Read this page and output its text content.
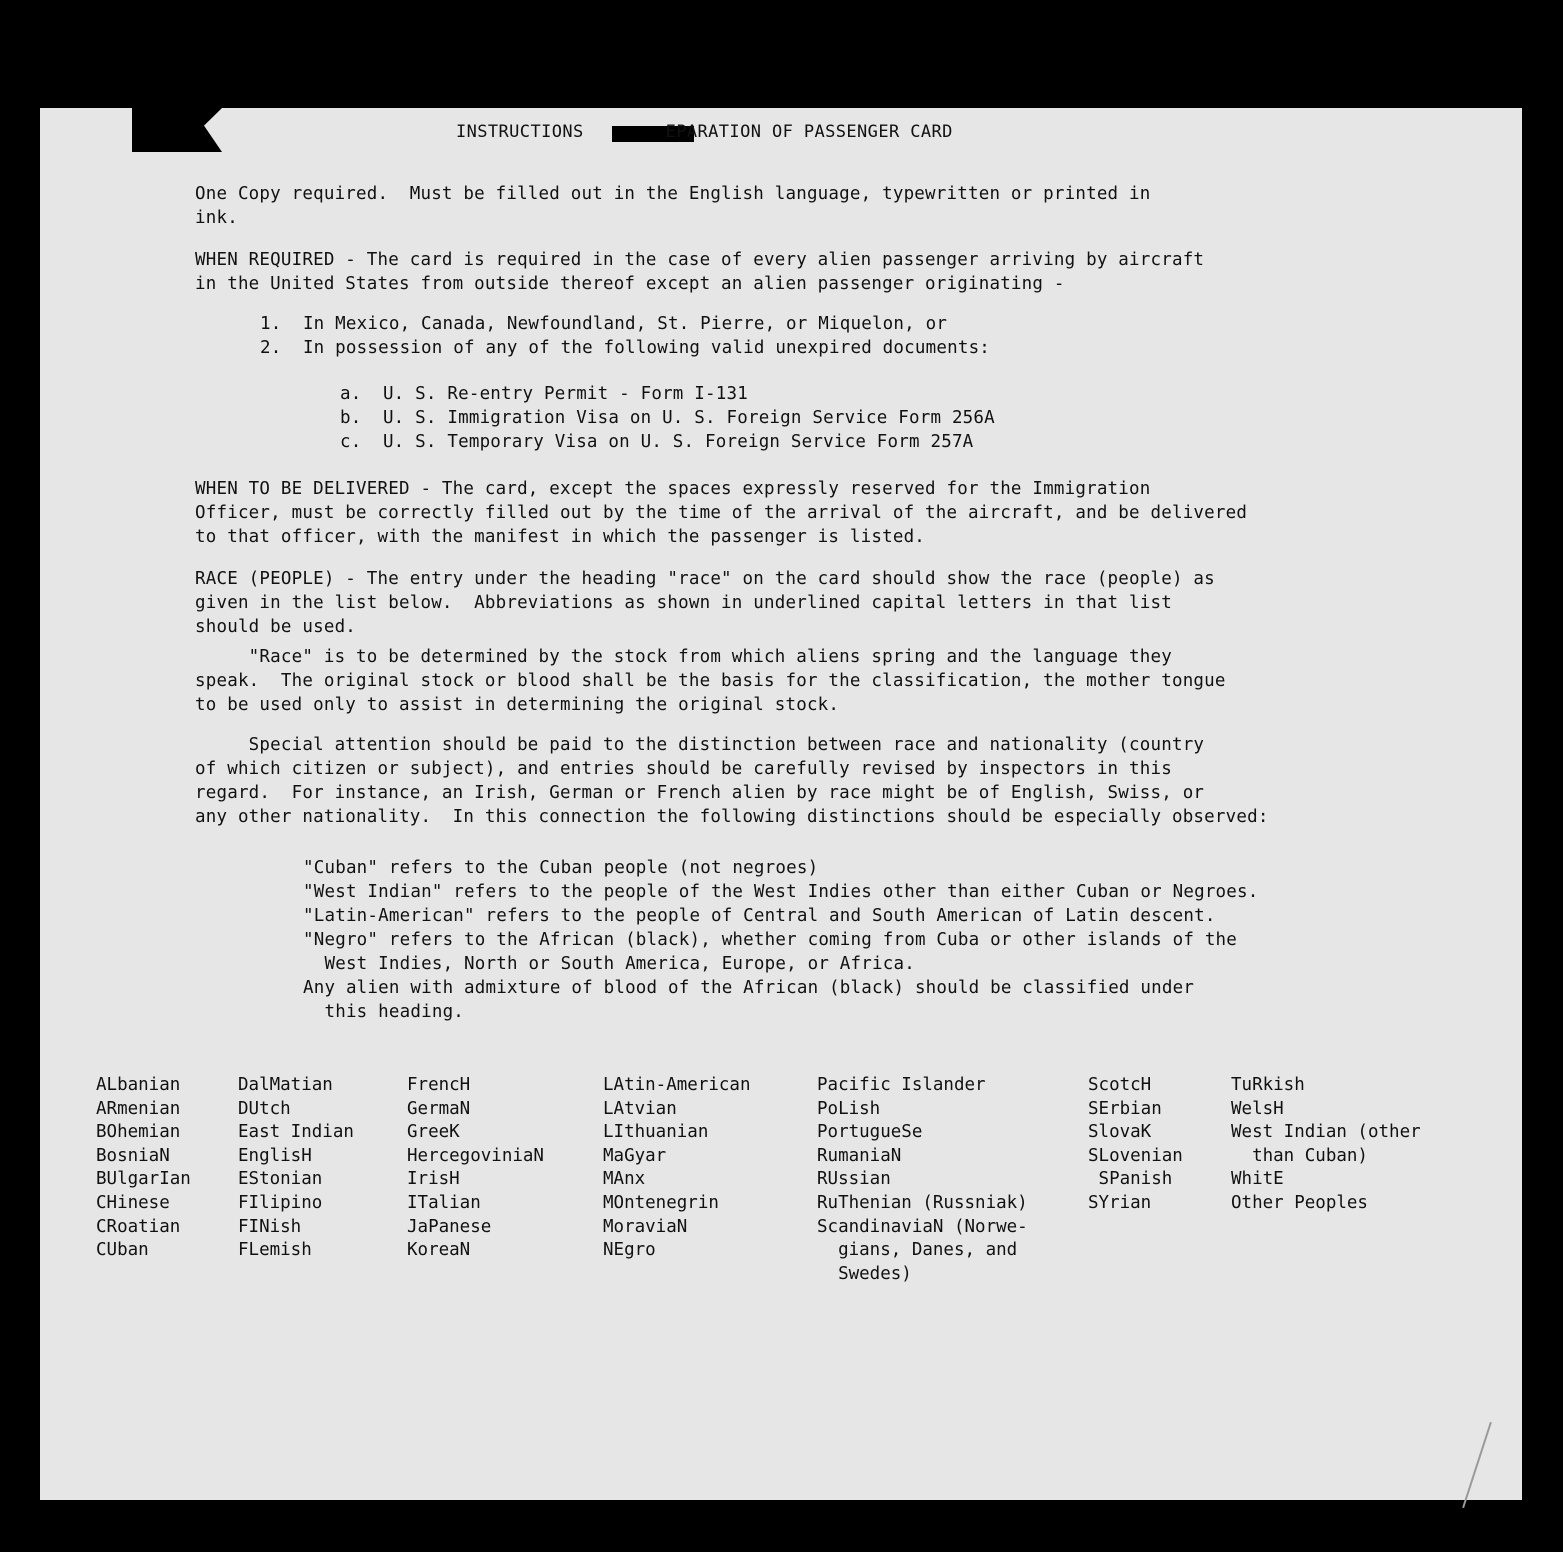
INSTRUCTIONS	EPARATION OF PASSENGER CARD
One Copy required.  Must be filled out in the English language, typewritten or printed in
ink.
WHEN REQUIRED - The card is required in the case of every alien passenger arriving by aircraft
in the United States from outside thereof except an alien passenger originating -
1.  In Mexico, Canada, Newfoundland, St. Pierre, or Miquelon, or
2.  In possession of any of the following valid unexpired documents:
a.  U. S. Re-entry Permit - Form I-131
b.  U. S. Immigration Visa on U. S. Foreign Service Form 256A
c.  U. S. Temporary Visa on U. S. Foreign Service Form 257A
WHEN TO BE DELIVERED - The card, except the spaces expressly reserved for the Immigration
Officer, must be correctly filled out by the time of the arrival of the aircraft, and be delivered
to that officer, with the manifest in which the passenger is listed.
RACE (PEOPLE) - The entry under the heading "race" on the card should show the race (people) as
given in the list below.  Abbreviations as shown in underlined capital letters in that list
should be used.
"Race" is to be determined by the stock from which aliens spring and the language they
speak.  The original stock or blood shall be the basis for the classification, the mother tongue
to be used only to assist in determining the original stock.
Special attention should be paid to the distinction between race and nationality (country
of which citizen or subject), and entries should be carefully revised by inspectors in this
regard.  For instance, an Irish, German or French alien by race might be of English, Swiss, or
any other nationality.  In this connection the following distinctions should be especially observed:
"Cuban" refers to the Cuban people (not negroes)
"West Indian" refers to the people of the West Indies other than either Cuban or Negroes.
"Latin-American" refers to the people of Central and South American of Latin descent.
"Negro" refers to the African (black), whether coming from Cuba or other islands of the
West Indies, North or South America, Europe, or Africa.
Any alien with admixture of blood of the African (black) should be classified under
this heading.
ALbanian
ARmenian
BOhemian
BosniaN
BUlgarIan
CHinese
CRoatian
CUban
DalMatian
DUtch
East Indian
EnglisH
EStonian
FIlipino
FINish
FLemish
FrencH
GermaN
GreeK
HercegoviniaN
IrisH
ITalian
JaPanese
KoreaN
LAtin-American
LAtvian
LIthuanian
MaGyar
MAnx
MOntenegrin
MoraviaN
NEgro
Pacific Islander
PoLish
PortugueSe
RumaniaN
RUssian
RuThenian (Russniak)
ScandinaviaN (Norwe-
gians, Danes, and
Swedes)
ScotcH
SErbian
SlovaK
SLovenian
SPanish
SYrian
TuRkish
WelsH
West Indian (other
than Cuban)
WhitE
Other Peoples
